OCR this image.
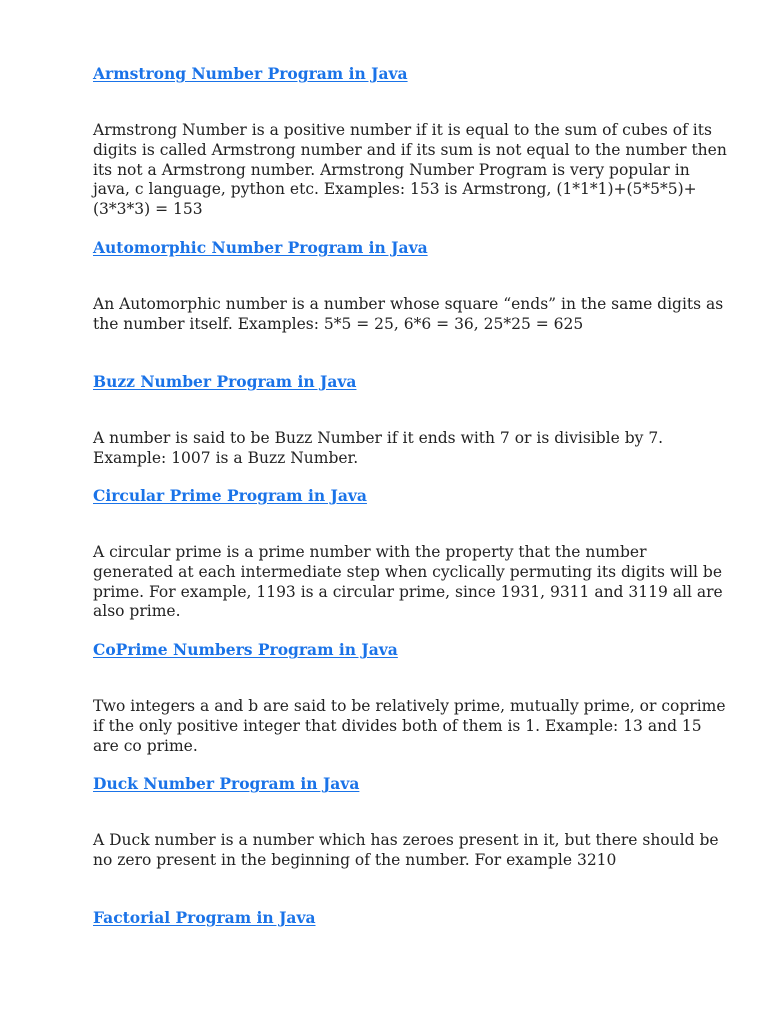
Armstrong Number Program in Java

Armstrong Number is a positive number if it is equal to the sum of cubes of its digits is called Armstrong number and if its sum is not equal to the number then its not a Armstrong number. Armstrong Number Program is very popular in java, c language, python etc. Examples: 153 is Armstrong, (1*1*1)+(5*5*5)+(3*3*3) = 153

Automorphic Number Program in Java

An Automorphic number is a number whose square “ends” in the same digits as the number itself. Examples: 5*5 = 25, 6*6 = 36, 25*25 = 625

Buzz Number Program in Java

A number is said to be Buzz Number if it ends with 7 or is divisible by 7. Example: 1007 is a Buzz Number.

Circular Prime Program in Java

A circular prime is a prime number with the property that the number generated at each intermediate step when cyclically permuting its digits will be prime. For example, 1193 is a circular prime, since 1931, 9311 and 3119 all are also prime.

CoPrime Numbers Program in Java

Two integers a and b are said to be relatively prime, mutually prime, or coprime if the only positive integer that divides both of them is 1. Example: 13 and 15 are co prime.

Duck Number Program in Java

A Duck number is a number which has zeroes present in it, but there should be no zero present in the beginning of the number. For example 3210

Factorial Program in Java
